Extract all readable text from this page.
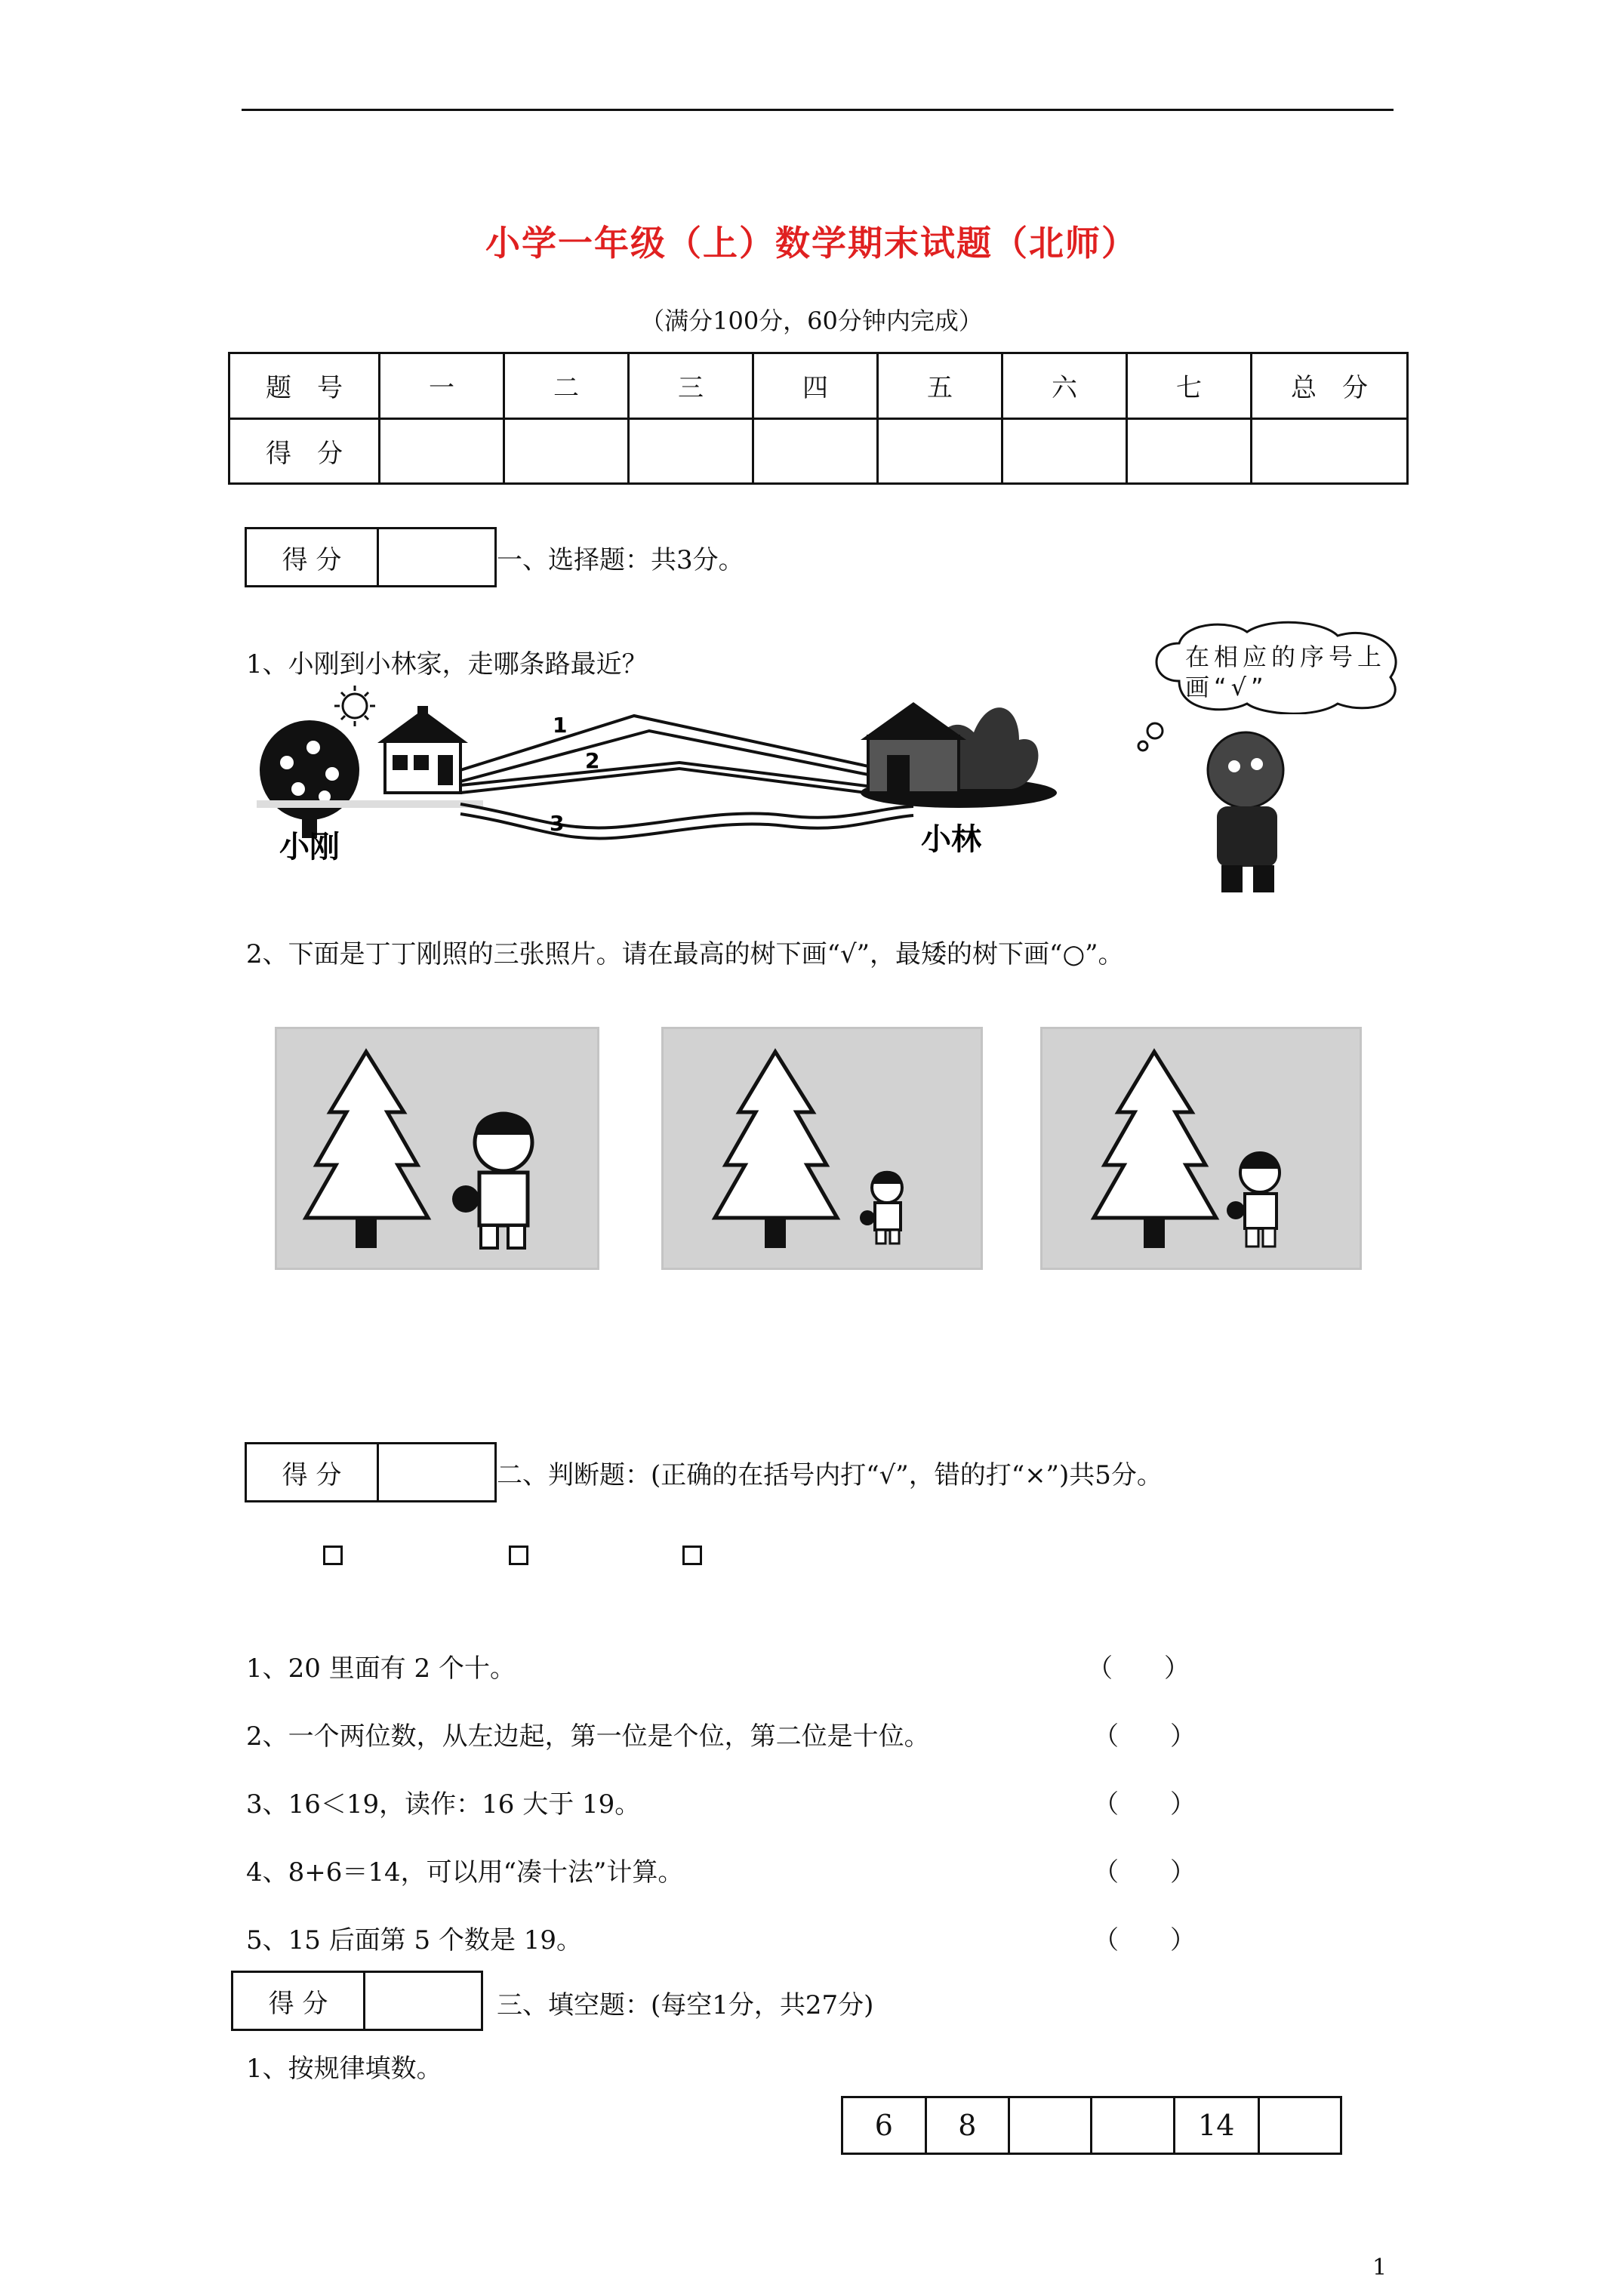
小学一年级（上）数学期末试题（北师）
（满分100分，60分钟内完成）
题　号	一	二	三	四	五	六	七	总　分
得　分								
得 分	一、选择题：共3分。
1、小刚到小林家，走哪条路最近？
1
2
3
小刚	小林
在相应的序号上画“√”
2、下面是丁丁刚照的三张照片。请在最高的树下画“√”，最矮的树下画“○”。
得 分	二、判断题：(正确的在括号内打“√”，错的打“×”)共5分。
1、20 里面有 2 个十。	（　　）
2、一个两位数，从左边起，第一位是个位，第二位是十位。	（　　）
3、16＜19，读作：16 大于 19。	（　　）
4、8+6＝14，可以用“凑十法”计算。	（　　）
5、15 后面第 5 个数是 19。	（　　）
得 分	三、填空题：(每空1分，共27分)
1、按规律填数。
6	8			14	
1
